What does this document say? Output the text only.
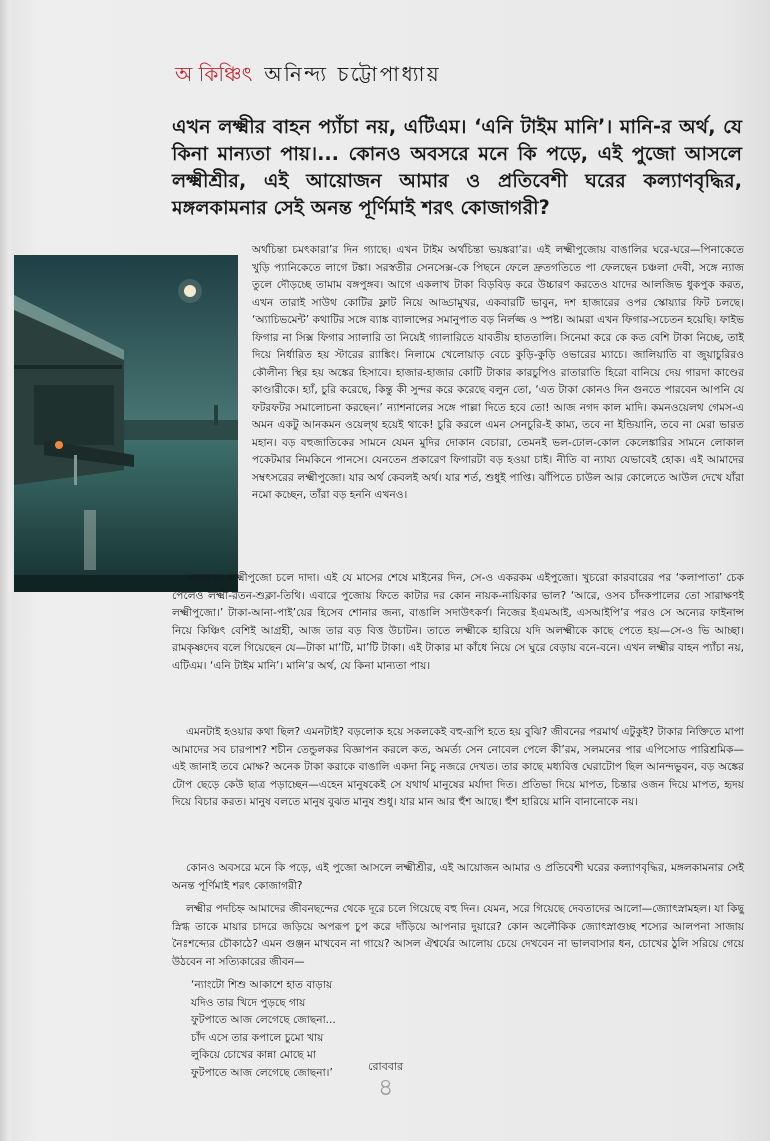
অ কিঞ্চিৎ অনিন্দ্য চট্টোপাধ্যায়

এখন লক্ষ্মীর বাহন প্যাঁচা নয়, এটিএম। ‘এনি টাইম মানি’। মানি-র অর্থ, যে কিনা মান্যতা পায়।... কোনও অবসরে মনে কি পড়ে, এই পুজো আসলে লক্ষ্মীশ্রীর, এই আয়োজন আমার ও প্রতিবেশী ঘরের কল্যাণবৃদ্ধির, মঙ্গলকামনার সেই অনন্ত পূর্ণিমাই শরৎ কোজাগরী?

অর্থচিন্তা চমৎকারা’র দিন গ্যাছে। এখন টাইম অর্থচিন্তা ভয়ঙ্করা’র। এই লক্ষ্মীপুজোয় বাঙালির ঘরে-ঘরে—পিনাকেতে খুড়ি প্যানিকেতে লাগে টঙ্কা। সরস্বতীর সেনসেক্স-কে পিছনে ফেলে দ্রুতগতিতে পা ফেলছেন চঞ্চলা দেবী, সঙ্গে ন্যাজ তুলে দৌড়চ্ছে তামাম বঙ্গপুঙ্গব। আগে একলাখ টাকা বিড়বিড় করে উচ্চারণ করতেও যাদের আলজিভ ধুকপুক করত, এখন তারাই সাউথ কোটির ফ্লাট নিয়ে আড্ডামুখর, একবারটি ভাবুন, দশ হাজারের ওপর স্কোয়্যার ফিট চলছে। ‘অ্যাচিভমেন্ট’ কথাটির সঙ্গে ব্যাঙ্ক ব্যালান্সের সমানুপাত বড় নির্লজ্জ ও স্পষ্ট। আমরা এখন ফিগার-সচেতন হয়েছি। ফাইভ ফিগার না সিক্স ফিগার স্যালারি তা নিয়েই গ্যালারিতে যাবতীয় হাততালি। সিনেমা করে কে কত বেশি টাকা নিচ্ছে, তাই দিয়ে নির্ধারিত হয় স্টারের র‍্যাঙ্কিং। নিলামে খেলোয়াড় বেচে কুড়ি-কুড়ি ওভারের ম্যাচে। জালিয়াতি বা জুয়াচুরিরও কৌলীন্য স্থির হয় অঙ্কের হিসাবে। হাজার-হাজার কোটি টাকার কারচুপিও রাতারাতি হিরো বানিয়ে দেয় গারদা কাণ্ডের কাণ্ডারীকে। হ্যাঁ, চুরি করেছে, কিন্তু কী সুন্দর করে করেছে বলুন তো, ‘এত টাকা কোনও দিন গুনতে পারবেন আপনি যে ফটরফটর সমালোচনা করছেন।’ ন্যাশনালের সঙ্গে পাল্লা দিতে হবে তো! আজ নগদ কাল মাদি। কমনওয়েলথ গেমস-এ অমন একটু আনকমন ওয়েল্থ হয়েই থাকে! চুরি করলে এমন সেনচুরি-ই কাম্য, তবে না ইন্ডিয়ানি, তবে না মেরা ভারত মহান। বড় বহুজাতিকের সামনে যেমন মুদির দোকান বেচারা, তেমনই ভল-ঢোল-কোল কেলেঙ্কারির সামনে লোকাল পকেটমার নিমকিনে পানসে। যেনতেন প্রকারেণ ফিগারটা বড় হওয়া চাই। নীতি বা ন্যায্য যেভাবেই হোক। এই আমাদের সম্বৎসরের লক্ষ্মীপুজো। যার অর্থ কেবলই অর্থ। যার শর্ত, শুধুই পাপ্তি। ঝাঁপিতে চাউল আর কোলেতে আউল দেখে যাঁরা নমো কচ্ছেন, তাঁরা বড় হননি এখনও।

সারাবছর লক্ষ্মীপুজো চলে দাদা। এই যে মাসের শেষে মাইনের দিন, সে-ও একরকম এইপুজো। খুচরো কারবারের পর ‘কলাপাতা’ চেক পেলেও লক্ষ্মী-রতন-শুক্লা-তিথি। এবারে পুজোয় ফিতে কাটার দর কোন নায়ক-নায়িকার ভাল? ‘আরে, ওসব চাঁদকপালের তো সারাক্ষণই লক্ষ্মীপুজো।’ টাকা-আনা-পাই’য়ের হিসেব শোনার জন্য, বাঙালি সদাউৎকর্ণ। নিজের ইএমআই, এসআইপি’র পরও সে অন্যের ফাইনান্স নিয়ে কিঞ্চিৎ বেশিই আগ্রহী, আজ তার বড় বিত্ত উচাটন। তাতে লক্ষ্মীকে হারিয়ে যদি অলক্ষ্মীকে কাছে পেতে হয়—সে-ও ভি আচ্ছা। রামকৃষ্ণদেব বলে গিয়েছেন যে—টাকা মা’টি, মা’টি টাকা। এই টাকার মা কাঁধে নিয়ে সে ঘুরে বেড়ায় বনে-বনে। এখন লক্ষ্মীর বাহন প্যাঁচা নয়, এটিএম। ‘এনি টাইম মানি’। মানি’র অর্থ, যে কিনা মান্যতা পায়।

এমনটাই হওয়ার কথা ছিল? এমনটাই? বড়লোক হয়ে সকলকেই বহু-রূপি হতে হয় বুঝি? জীবনের পরমার্থ এটুকুই? টাকার নিক্তিতে মাপা আমাদের সব চারপাশ? শচীন তেন্ডুলকর বিজ্ঞাপন করলে কত, অমর্ত্য সেন নোবেল পেলে কী’রম, সলমনের পার এপিসোড পারিশ্রমিক—এই জানাই তবে মোক্ষ? অনেক টাকা করাকে বাঙালি একদা নিচু নজরে দেখত। তার কাছে মধ্যবিত্ত ঘেরাটোপ ছিল আনন্দভুবন, বড় অঙ্কের টোপ ছেড়ে কেউ ছাত্র পড়াচ্ছেন—এহেন মানুষকেই সে যথার্থ মানুষের মর্যাদা দিত। প্রতিভা দিয়ে মাপত, চিন্তার ওজন দিয়ে মাপত, হৃদয় দিয়ে বিচার করত। মানুষ বলতে মানুষ বুঝত মানুষ শুধু। যার মান আর হুঁশ আছে। হুঁশ হারিয়ে মানি বানানোকে নয়।

কোনও অবসরে মনে কি পড়ে, এই পুজো আসলে লক্ষ্মীশ্রীর, এই আয়োজন আমার ও প্রতিবেশী ঘরের কল্যাণবৃদ্ধির, মঙ্গলকামনার সেই অনন্ত পূর্ণিমাই শরৎ কোজাগরী?

লক্ষ্মীর পদচিহ্ন আমাদের জীবনছন্দের থেকে দূরে চলে গিয়েছে বহু দিন। যেমন, সরে গিয়েছে দেবতাদের আলো—জ্যোৎস্নামহল। যা কিছু স্নিগ্ধ তাকে মায়ার চাদরে জড়িয়ে অপরূপ চুপ করে দাঁড়িয়ে আপনার দুয়ারে? কোন অলৌকিক জ্যোৎস্নাগুচ্ছ শস্যের আলপনা সাজায় নৈঃশব্দ্যের চৌকাঠে? এমন গুঞ্জন মাখবেন না গায়ে? আসল ঐশ্বর্যের আলোয় চেয়ে দেখবেন না ভালবাসার ধন, চোখের ঠুলি সরিয়ে গেয়ে উঠবেন না সত্যিকারের জীবন—

‘ন্যাংটো শিশু আকাশে হাত বাড়ায়
যদিও তার খিদে পুড়ছে গায়
ফুটপাতে আজ লেগেছে জোছনা...
চাঁদ এসে তার কপালে চুমো খায়
লুকিয়ে চোখের কান্না মোছে মা
ফুটপাতে আজ লেগেছে জোছনা।’	রোববার
৪
